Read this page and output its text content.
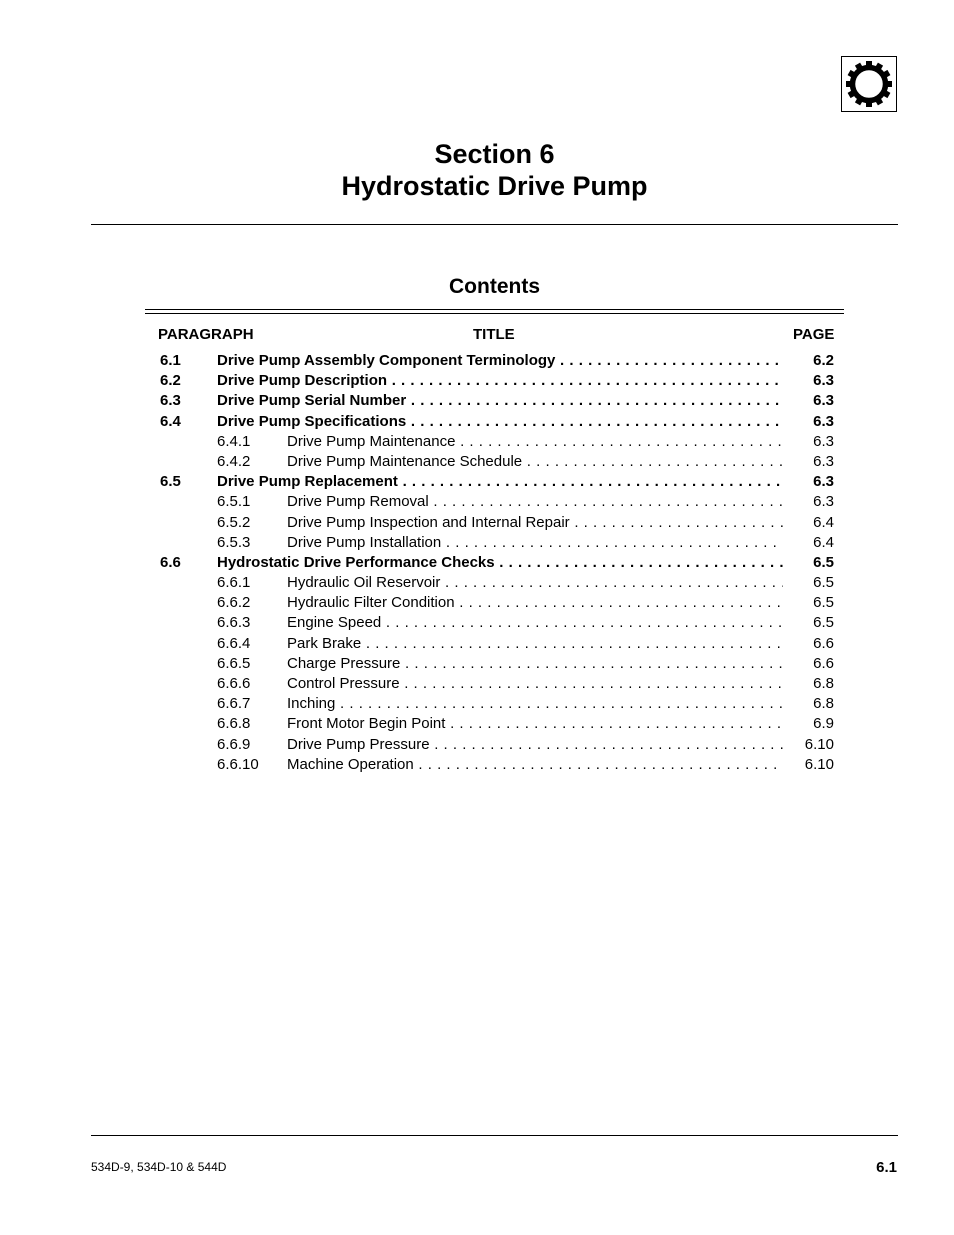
Section 6
Hydrostatic Drive Pump
Contents
PARAGRAPH	TITLE	PAGE
6.1 Drive Pump Assembly Component Terminology . . .	6.2
6.2 Drive Pump Description . . .	6.3
6.3 Drive Pump Serial Number . . .	6.3
6.4 Drive Pump Specifications . . .	6.3
6.4.1 Drive Pump Maintenance . . .	6.3
6.4.2 Drive Pump Maintenance Schedule . . .	6.3
6.5 Drive Pump Replacement . . .	6.3
6.5.1 Drive Pump Removal . . .	6.3
6.5.2 Drive Pump Inspection and Internal Repair . . .	6.4
6.5.3 Drive Pump Installation . . .	6.4
6.6 Hydrostatic Drive Performance Checks . . .	6.5
6.6.1 Hydraulic Oil Reservoir . . .	6.5
6.6.2 Hydraulic Filter Condition . . .	6.5
6.6.3 Engine Speed . . .	6.5
6.6.4 Park Brake . . .	6.6
6.6.5 Charge Pressure . . .	6.6
6.6.6 Control Pressure . . .	6.8
6.6.7 Inching . . .	6.8
6.6.8 Front Motor Begin Point . . .	6.9
6.6.9 Drive Pump Pressure . . .	6.10
6.6.10 Machine Operation . . .	6.10
534D-9, 534D-10 & 544D	6.1
